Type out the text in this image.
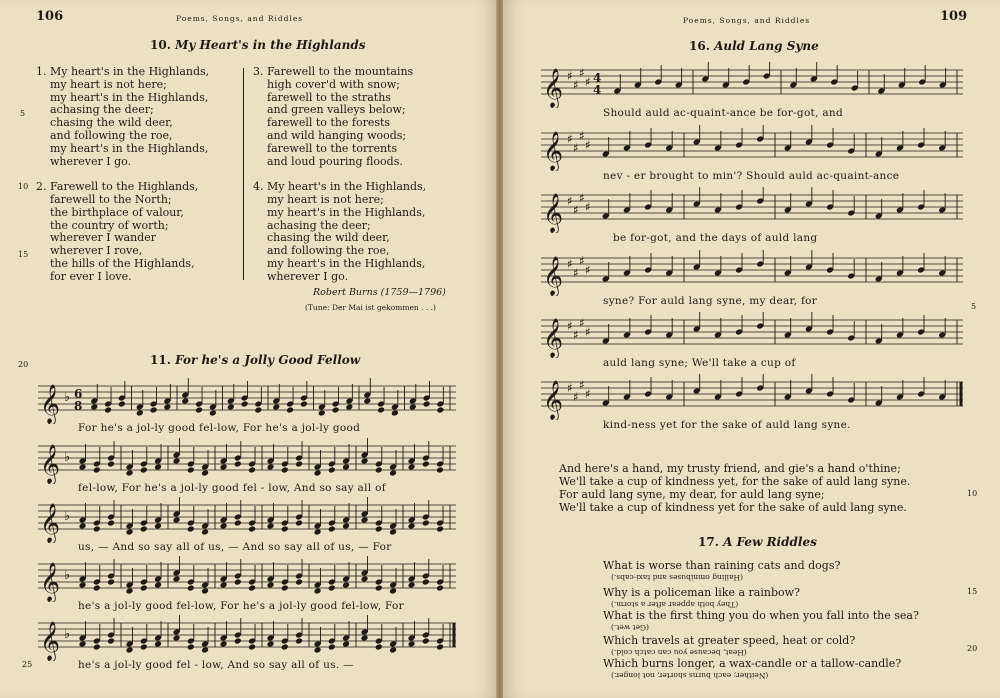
106	Poems, Songs, and Riddles
10. My Heart's in the Highlands
1. My heart's in the Highlands,
my heart is not here;
my heart's in the Highlands,
achasing the deer;
chasing the wild deer,
and following the roe,
my heart's in the Highlands,
wherever I go.

2. Farewell to the Highlands,
farewell to the North;
the birthplace of valour,
the country of worth;
wherever I wander
wherever I rove,
the hills of the Highlands,
for ever I love.
3. Farewell to the mountains
high cover'd with snow;
farewell to the straths
and green valleys below;
farewell to the forests
and wild hanging woods;
farewell to the torrents
and loud pouring floods.

4. My heart's in the Highlands,
my heart is not here;
my heart's in the Highlands,
achasing the deer;
chasing the wild deer,
and following the roe,
my heart's in the Highlands,
wherever I go.
Robert Burns (1759—1796)
(Tune: Der Mai ist gekommen . . .)
5
10
15
20
25
11. For he's a Jolly Good Fellow
𝄞 ♭ 6
8
For he's a jol-ly good fel-low, For he's a jol-ly good
𝄞 ♭
fel-low, For he's a jol-ly good fel - low, And so say all of
𝄞 ♭
us, — And so say all of us, — And so say all of us, — For
𝄞 ♭
he's a jol-ly good fel-low, For he's a jol-ly good fel-low, For
𝄞 ♭
he's a jol-ly good fel - low, And so say all of us. —
Poems, Songs, and Riddles	109
16. Auld Lang Syne
𝄞 ♯
♯
♯
♯ 4
4
Should auld ac-quaint-ance be for-got, and
𝄞 ♯
♯
♯
♯
nev - er brought to min'? Should auld ac-quaint-ance
𝄞 ♯
♯
♯
♯
be for-got, and the days of auld lang
𝄞 ♯
♯
♯
♯
syne? For auld lang syne, my dear, for
𝄞 ♯
♯
♯
♯
auld lang syne; We'll take a cup of
𝄞 ♯
♯
♯
♯
kind-ness yet for the sake of auld lang syne.
And here's a hand, my trusty friend, and gie's a hand o'thine;
We'll take a cup of kindness yet, for the sake of auld lang syne.
For auld lang syne, my dear, for auld lang syne;
We'll take a cup of kindness yet for the sake of auld lang syne.
5
10
15
20
17. A Few Riddles
What is worse than raining cats and dogs?
(Hailing omnibuses and taxi-cabs.)
Why is a policeman like a rainbow?
(They both appear after a storm.)
What is the first thing you do when you fall into the sea?
(Get wet.)
Which travels at greater speed, heat or cold?
(Heat, because you can catch cold.)
Which burns longer, a wax-candle or a tallow-candle?
(Neither; each burns shorter, not longer.)
